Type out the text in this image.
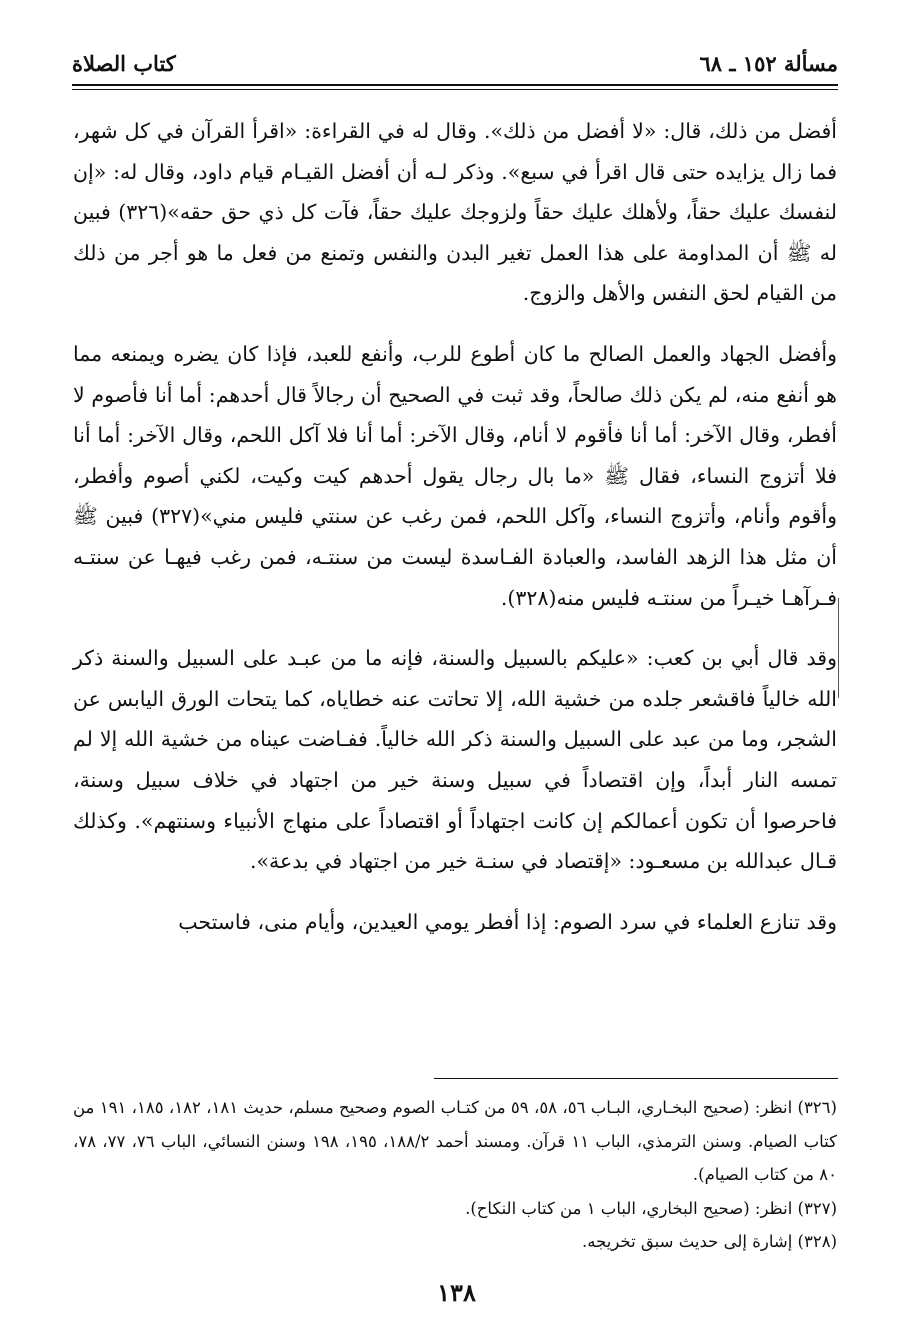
مسألة ١٥٢ ـ ٦٨
كتاب الصلاة

أفضل من ذلك، قال: «لا أفضل من ذلك». وقال له في القراءة: «اقرأ القرآن في كل شهر، فما زال يزايده حتى قال اقرأ في سبع». وذكر لـه أن أفضل القيـام قيام داود، وقال له: «إن لنفسك عليك حقاً، ولأهلك عليك حقاً ولزوجك عليك حقاً، فآت كل ذي حق حقه»(٣٢٦) فبين له ﷺ أن المداومة على هذا العمل تغير البدن والنفس وتمنع من فعل ما هو أجر من ذلك من القيام لحق النفس والأهل والزوج.

وأفضل الجهاد والعمل الصالح ما كان أطوع للرب، وأنفع للعبد، فإذا كان يضره ويمنعه مما هو أنفع منه، لم يكن ذلك صالحاً، وقد ثبت في الصحيح أن رجالاً قال أحدهم: أما أنا فأصوم لا أفطر، وقال الآخر: أما أنا فأقوم لا أنام، وقال الآخر: أما أنا فلا آكل اللحم، وقال الآخر: أما أنا فلا أتزوج النساء، فقال ﷺ «ما بال رجال يقول أحدهم كيت وكيت، لكني أصوم وأفطر، وأقوم وأنام، وأتزوج النساء، وآكل اللحم، فمن رغب عن سنتي فليس مني»(٣٢٧) فبين ﷺ أن مثل هذا الزهد الفاسد، والعبادة الفـاسدة ليست من سنتـه، فمن رغب فيهـا عن سنتـه فـرآهـا خيـراً من سنتـه فليس منه(٣٢٨).

وقد قال أبي بن كعب: «عليكم بالسبيل والسنة، فإنه ما من عبـد على السبيل والسنة ذكر الله خالياً فاقشعر جلده من خشية الله، إلا تحاتت عنه خطاياه، كما يتحات الورق اليابس عن الشجر، وما من عبد على السبيل والسنة ذكر الله خالياً. ففـاضت عيناه من خشية الله إلا لم تمسه النار أبداً، وإن اقتصاداً في سبيل وسنة خير من اجتهاد في خلاف سبيل وسنة، فاحرصوا أن تكون أعمالكم إن كانت اجتهاداً أو اقتصاداً على منهاج الأنبياء وسنتهم». وكذلك قـال عبدالله بن مسعـود: «إقتصاد في سنـة خير من اجتهاد في بدعة».

وقد تنازع العلماء في سرد الصوم: إذا أفطر يومي العيدين، وأيام منى، فاستحب

(٣٢٦) انظر: (صحيح البخـاري، البـاب ٥٦، ٥٨، ٥٩ من كتـاب الصوم وصحيح مسلم، حديث ١٨١، ١٨٢، ١٨٥، ١٩١ من كتاب الصيام. وسنن الترمذي، الباب ١١ قرآن. ومسند أحمد ١٨٨/٢، ١٩٥، ١٩٨ وسنن النسائي، الباب ٧٦، ٧٧، ٧٨، ٨٠ من كتاب الصيام).

(٣٢٧) انظر: (صحيح البخاري، الباب ١ من كتاب النكاح).

(٣٢٨) إشارة إلى حديث سبق تخريجه.

١٣٨
